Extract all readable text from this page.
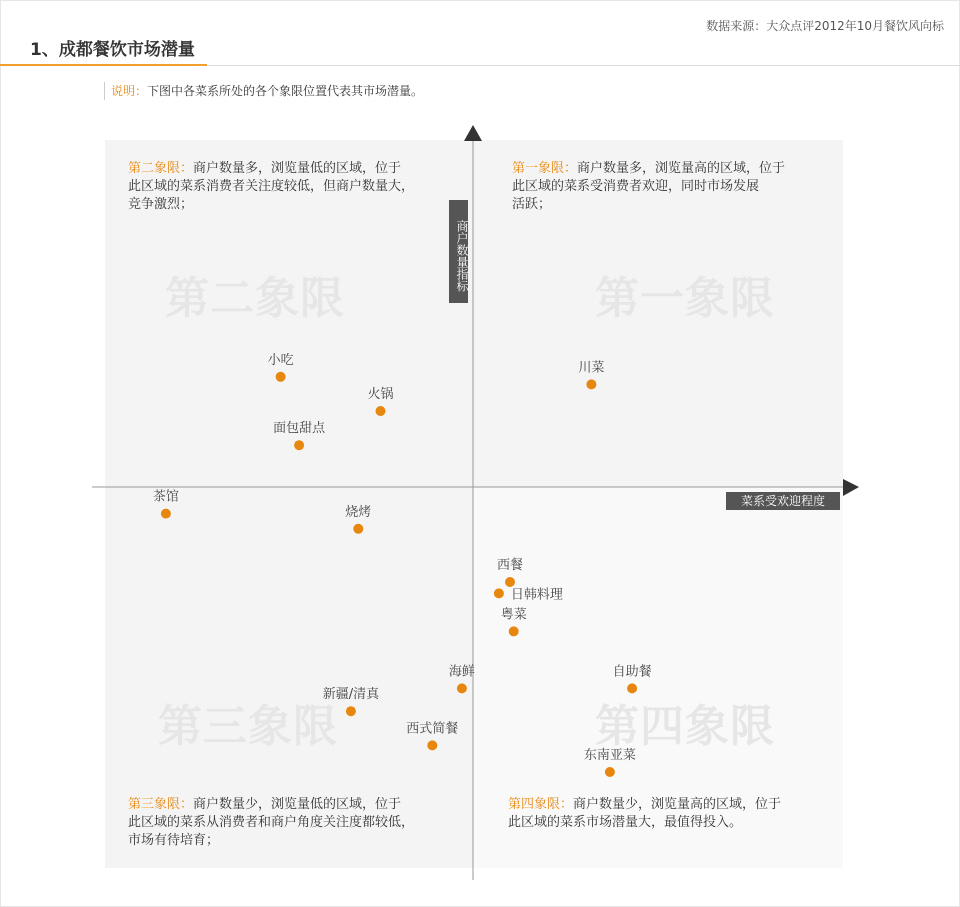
数据来源：大众点评2012年10月餐饮风向标
1、成都餐饮市场潜量
说明：下图中各菜系所处的各个象限位置代表其市场潜量。
小吃
火锅
面包甜点
川菜
茶馆
烧烤
西餐
日韩料理
粤菜
海鲜
新疆/清真
自助餐
西式简餐
东南亚菜
第二象限	第一象限
第三象限	第四象限
第二象限：商户数量多，浏览量低的区域，位于
此区域的菜系消费者关注度较低，但商户数量大，
竞争激烈；
第一象限：商户数量多，浏览量高的区域，位于
此区域的菜系受消费者欢迎，同时市场发展
活跃；
第三象限：商户数量少，浏览量低的区域，位于
此区域的菜系从消费者和商户角度关注度都较低，
市场有待培育；
第四象限：商户数量少，浏览量高的区域，位于
此区域的菜系市场潜量大，最值得投入。
商户数量指标
菜系受欢迎程度
